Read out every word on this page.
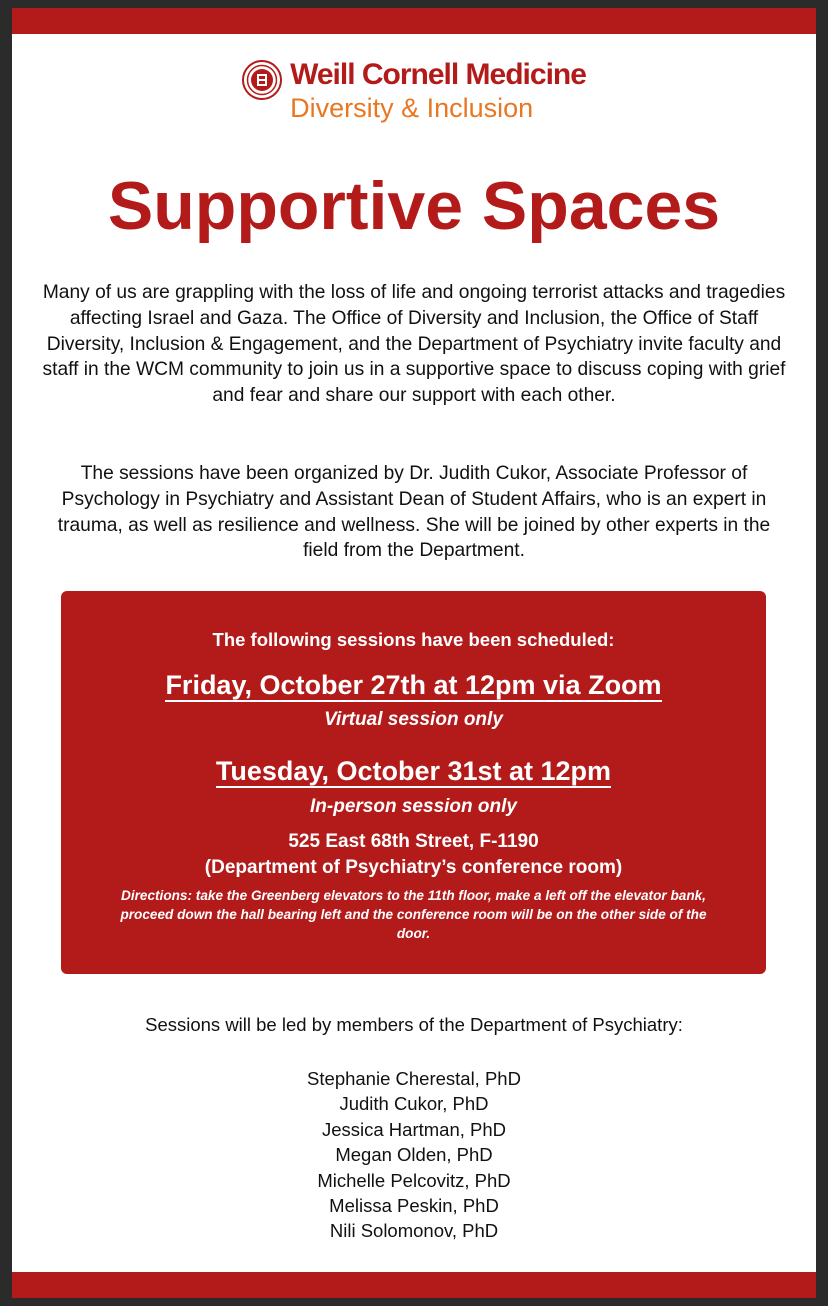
Weill Cornell Medicine
Diversity & Inclusion
Supportive Spaces

Many of us are grappling with the loss of life and ongoing terrorist attacks and tragedies affecting Israel and Gaza. The Office of Diversity and Inclusion, the Office of Staff Diversity, Inclusion & Engagement, and the Department of Psychiatry invite faculty and staff in the WCM community to join us in a supportive space to discuss coping with grief and fear and share our support with each other.

The sessions have been organized by Dr. Judith Cukor, Associate Professor of Psychology in Psychiatry and Assistant Dean of Student Affairs, who is an expert in trauma, as well as resilience and wellness. She will be joined by other experts in the field from the Department.

The following sessions have been scheduled:
Friday, October 27th at 12pm via Zoom
Virtual session only
Tuesday, October 31st at 12pm
In-person session only
525 East 68th Street, F-1190
(Department of Psychiatry’s conference room)
Directions: take the Greenberg elevators to the 11th floor, make a left off the elevator bank, proceed down the hall bearing left and the conference room will be on the other side of the door.
Sessions will be led by members of the Department of Psychiatry:
Stephanie Cherestal, PhD
Judith Cukor, PhD
Jessica Hartman, PhD
Megan Olden, PhD
Michelle Pelcovitz, PhD
Melissa Peskin, PhD
Nili Solomonov, PhD
